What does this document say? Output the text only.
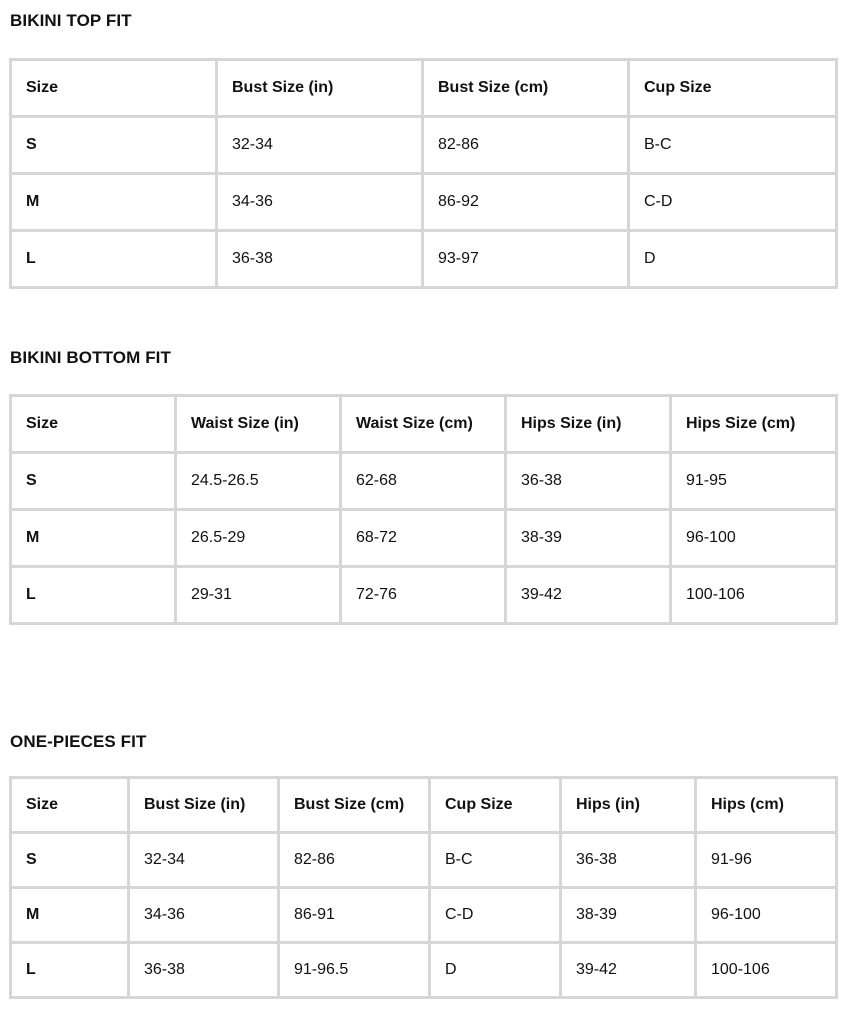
BIKINI TOP FIT
Size	Bust Size (in)	Bust Size (cm)	Cup Size
S	32-34	82-86	B-C
M	34-36	86-92	C-D
L	36-38	93-97	D
BIKINI BOTTOM FIT
Size	Waist Size (in)	Waist Size (cm)	Hips Size (in)	Hips Size (cm)
S	24.5-26.5	62-68	36-38	91-95
M	26.5-29	68-72	38-39	96-100
L	29-31	72-76	39-42	100-106
ONE-PIECES FIT
Size	Bust Size (in)	Bust Size (cm)	Cup Size	Hips (in)	Hips (cm)
S	32-34	82-86	B-C	36-38	91-96
M	34-36	86-91	C-D	38-39	96-100
L	36-38	91-96.5	D	39-42	100-106
